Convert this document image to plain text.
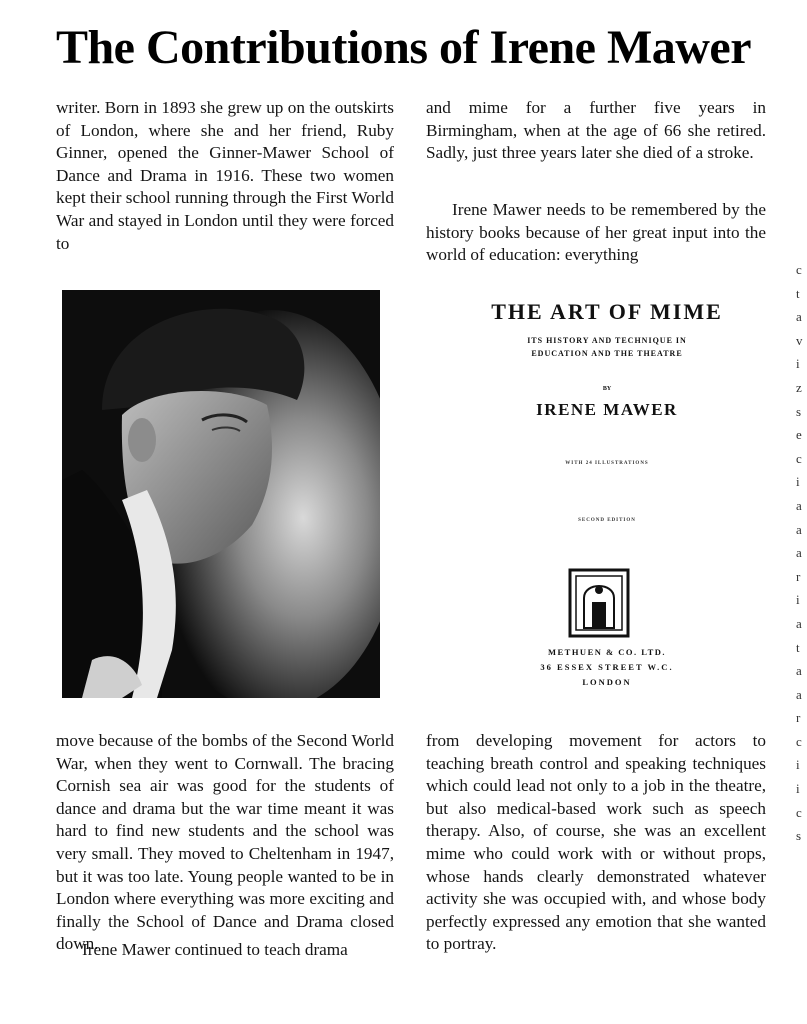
The Contributions of Irene Mawer

writer. Born in 1893 she grew up on the outskirts of London, where she and her friend, Ruby Ginner, opened the Ginner-Mawer School of Dance and Drama in 1916. These two women kept their school running through the First World War and stayed in London until they were forced to

and mime for a further five years in Birmingham, when at the age of 66 she retired. Sadly, just three years later she died of a stroke.

Irene Mawer needs to be remembered by the history books because of her great input into the world of education: everything

THE ART OF MIME
ITS HISTORY AND TECHNIQUE IN
EDUCATION AND THE THEATRE
BY
IRENE MAWER
WITH 24 ILLUSTRATIONS
SECOND EDITION
METHUEN & CO. LTD.
36 ESSEX STREET W.C.
LONDON

move because of the bombs of the Second World War, when they went to Cornwall. The bracing Cornish sea air was good for the students of dance and drama but the war time meant it was hard to find new students and the school was very small. They moved to Cheltenham in 1947, but it was too late. Young people wanted to be in London where everything was more exciting and finally the School of Dance and Drama closed down.

Irene Mawer continued to teach drama

from developing movement for actors to teaching breath control and speaking techniques which could lead not only to a job in the theatre, but also medical-based work such as speech therapy. Also, of course, she was an excellent mime who could work with or without props, whose hands clearly demonstrated whatever activity she was occupied with, and whose body perfectly expressed any emotion that she wanted to portray.

c
t
a
v
i
z
s
e
c
i
a
a
a
r
i
a
t
a
a
r
c
i
i
c
s
